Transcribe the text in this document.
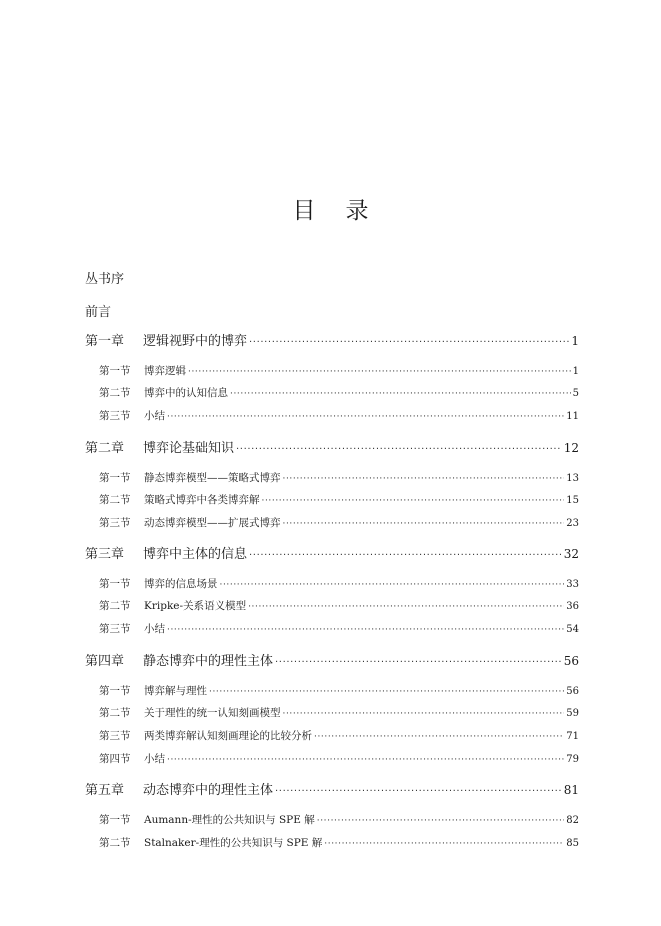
目 录
丛书序
前言
第一章	逻辑视野中的博弈 ·····	1
第一节	博弈逻辑 ·····	1
第二节	博弈中的认知信息 ·····	5
第三节	小结 ·····	11
第二章	博弈论基础知识 ·····	12
第一节	静态博弈模型——策略式博弈 ·····	13
第二节	策略式博弈中各类博弈解 ·····	15
第三节	动态博弈模型——扩展式博弈 ·····	23
第三章	博弈中主体的信息 ·····	32
第一节	博弈的信息场景 ·····	33
第二节	Kripke-关系语义模型 ·····	36
第三节	小结 ·····	54
第四章	静态博弈中的理性主体 ·····	56
第一节	博弈解与理性 ·····	56
第二节	关于理性的统一认知刻画模型 ·····	59
第三节	两类博弈解认知刻画理论的比较分析 ·····	71
第四节	小结 ·····	79
第五章	动态博弈中的理性主体 ·····	81
第一节	Aumann-理性的公共知识与 SPE 解 ·····	82
第二节	Stalnaker-理性的公共知识与 SPE 解 ·····	85
